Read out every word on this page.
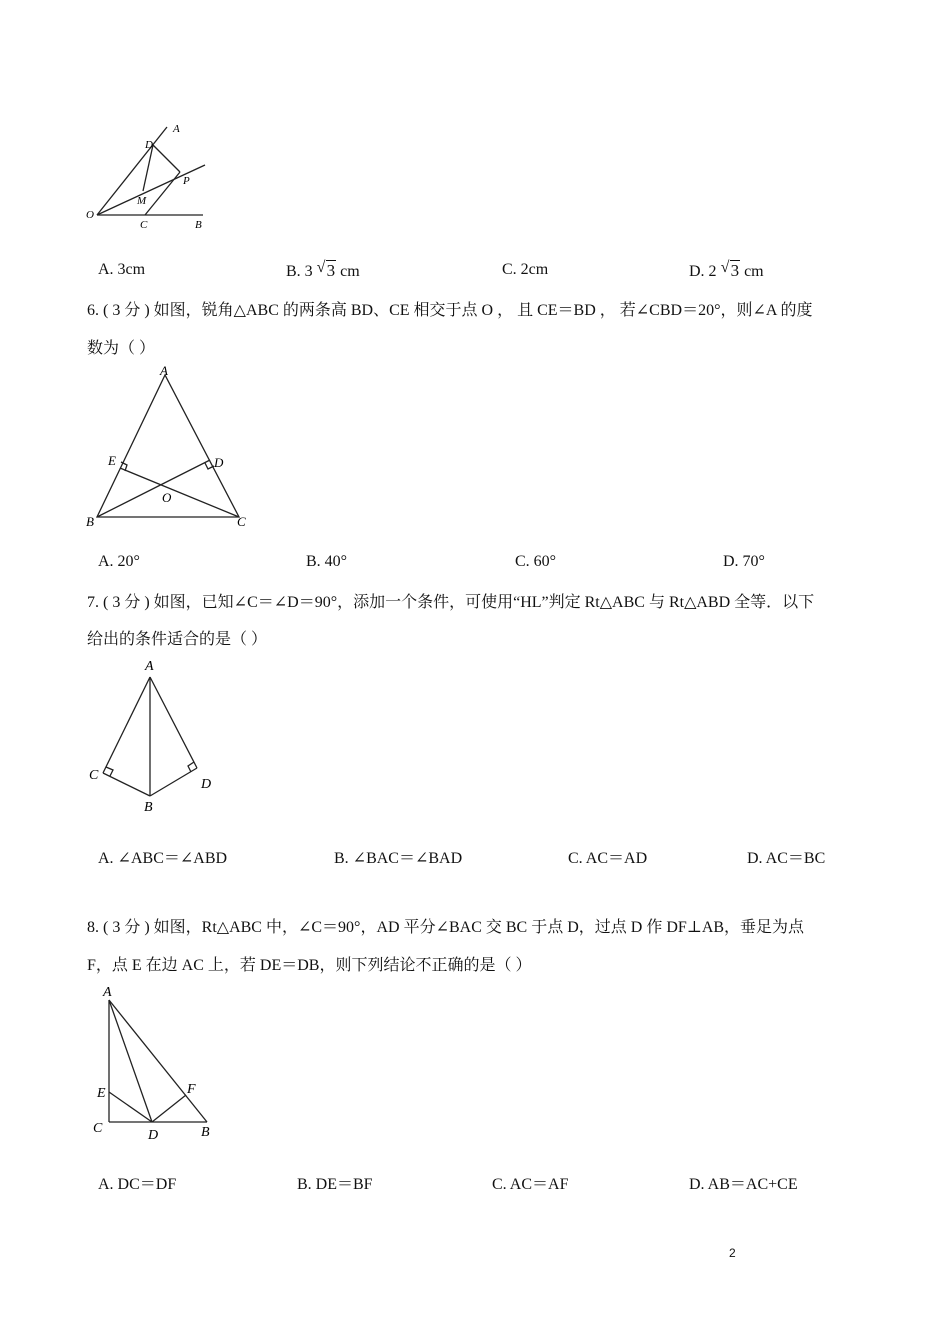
D
A
P
M
O
C	B
A. 3cm	B. 3 √ 3 cm	C. 2cm	D. 2 √ 3 cm
6. ( 3 分 ) 如图，锐角△ABC 的两条高 BD、CE 相交于点 O ， 且 CE＝BD ， 若∠CBD＝20°，则∠A 的度
数为（ ）
A
E	D
O
B	C
A. 20°	B. 40°	C. 60°	D. 70°
7. ( 3 分 ) 如图，已知∠C＝∠D＝90°，添加一个条件，可使用“HL”判定 Rt△ABC 与 Rt△ABD 全等．以下
给出的条件适合的是（ ）
A
C
D
B
A. ∠ABC＝∠ABD	B. ∠BAC＝∠BAD	C. AC＝AD	D. AC＝BC
8. ( 3 分 ) 如图，Rt△ABC 中，∠C＝90°，AD 平分∠BAC 交 BC 于点 D，过点 D 作 DF⊥AB，垂足为点
F，点 E 在边 AC 上，若 DE＝DB，则下列结论不正确的是（ ）
A
E	F
C	D	B
A. DC＝DF	B. DE＝BF	C. AC＝AF	D. AB＝AC+CE
2
